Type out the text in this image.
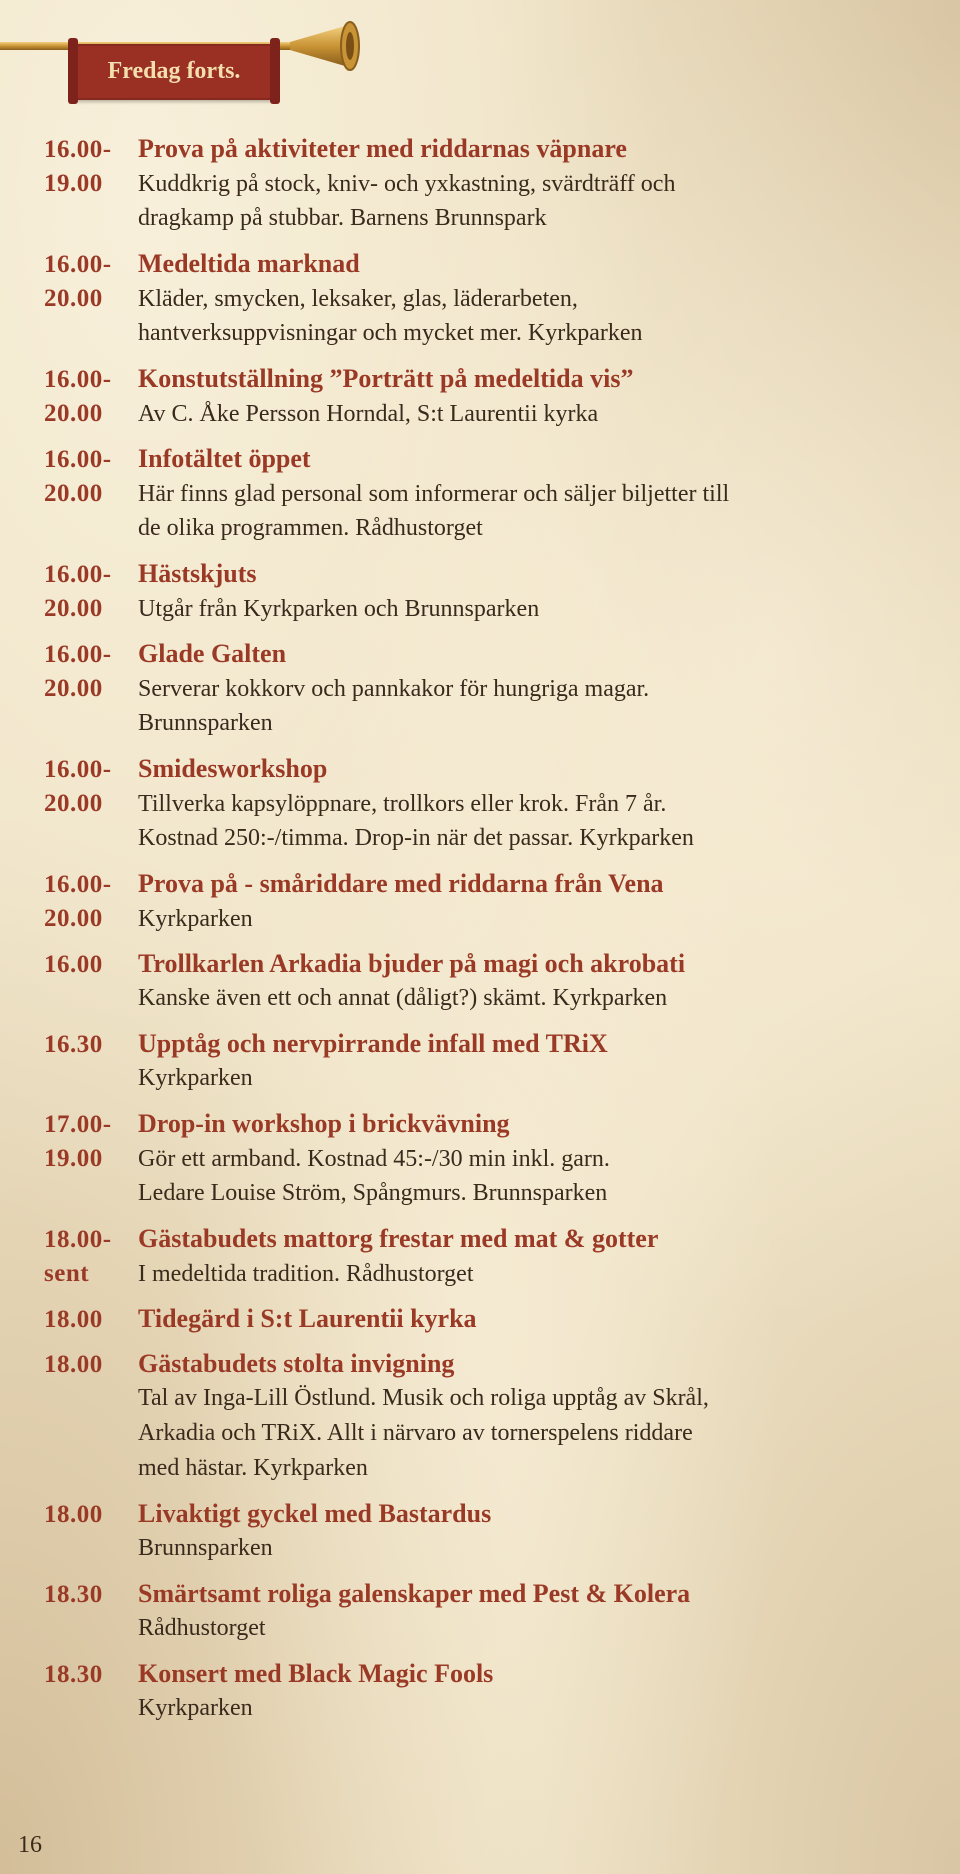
Fredag forts.
16.00-	Prova på aktiviteter med riddarnas väpnare
19.00	Kuddkrig på stock, kniv- och yxkastning, svärdträff och
dragkamp på stubbar. Barnens Brunnspark
16.00-	Medeltida marknad
20.00	Kläder, smycken, leksaker, glas, läderarbeten,
hantverksuppvisningar och mycket mer. Kyrkparken
16.00-	Konstutställning ”Porträtt på medeltida vis”
20.00	Av C. Åke Persson Horndal, S:t Laurentii kyrka
16.00-	Infotältet öppet
20.00	Här finns glad personal som informerar och säljer biljetter till
de olika programmen. Rådhustorget
16.00-	Hästskjuts
20.00	Utgår från Kyrkparken och Brunnsparken
16.00-	Glade Galten
20.00	Serverar kokkorv och pannkakor för hungriga magar.
Brunnsparken
16.00-	Smidesworkshop
20.00	Tillverka kapsylöppnare, trollkors eller krok. Från 7 år.
Kostnad 250:-/timma. Drop-in när det passar. Kyrkparken
16.00-	Prova på - småriddare med riddarna från Vena
20.00	Kyrkparken
16.00	Trollkarlen Arkadia bjuder på magi och akrobati
Kanske även ett och annat (dåligt?) skämt. Kyrkparken
16.30	Upptåg och nervpirrande infall med TRiX
Kyrkparken
17.00-	Drop-in workshop i brickvävning
19.00	Gör ett armband. Kostnad 45:-/30 min inkl. garn.
Ledare Louise Ström, Spångmurs. Brunnsparken
18.00-	Gästabudets mattorg frestar med mat & gotter
sent	I medeltida tradition. Rådhustorget
18.00	Tidegärd i S:t Laurentii kyrka
18.00	Gästabudets stolta invigning
Tal av Inga-Lill Östlund. Musik och roliga upptåg av Skrål,
Arkadia och TRiX. Allt i närvaro av tornerspelens riddare
med hästar. Kyrkparken
18.00	Livaktigt gyckel med Bastardus
Brunnsparken
18.30	Smärtsamt roliga galenskaper med Pest & Kolera
Rådhustorget
18.30	Konsert med Black Magic Fools
Kyrkparken
16
